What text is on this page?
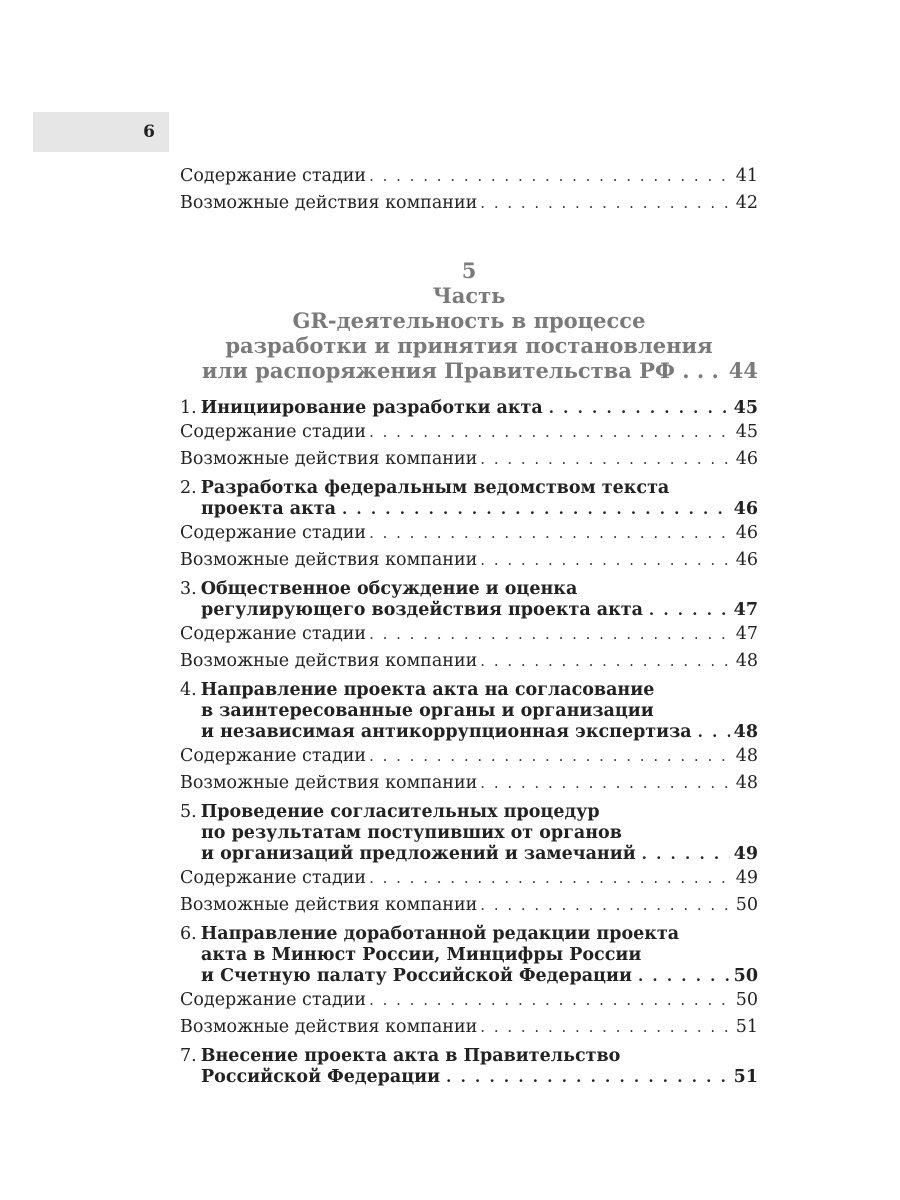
6
Содержание стадии . . .	41
Возможные действия компании . . .	42
5
Часть
GR-деятельность в процессе
разработки и принятия постановления
или распоряжения Правительства РФ . . . 44
1. Инициирование разработки акта . . .	45
Содержание стадии . . .	45
Возможные действия компании . . .	46
2. Разработка федеральным ведомством текста
проекта акта . . .	46
Содержание стадии . . .	46
Возможные действия компании . . .	46
3. Общественное обсуждение и оценка
регулирующего воздействия проекта акта . . .	47
Содержание стадии . . .	47
Возможные действия компании . . .	48
4. Направление проекта акта на согласование
в заинтересованные органы и организации
и независимая антикоррупционная экспертиза . . . 48
Содержание стадии . . .	48
Возможные действия компании . . .	48
5. Проведение согласительных процедур
по результатам поступивших от органов
и организаций предложений и замечаний . . .	49
Содержание стадии . . .	49
Возможные действия компании . . .	50
6. Направление доработанной редакции проекта
акта в Минюст России, Минцифры России
и Счетную палату Российской Федерации . . .	50
Содержание стадии . . .	50
Возможные действия компании . . .	51
7. Внесение проекта акта в Правительство
Российской Федерации . . .	51
